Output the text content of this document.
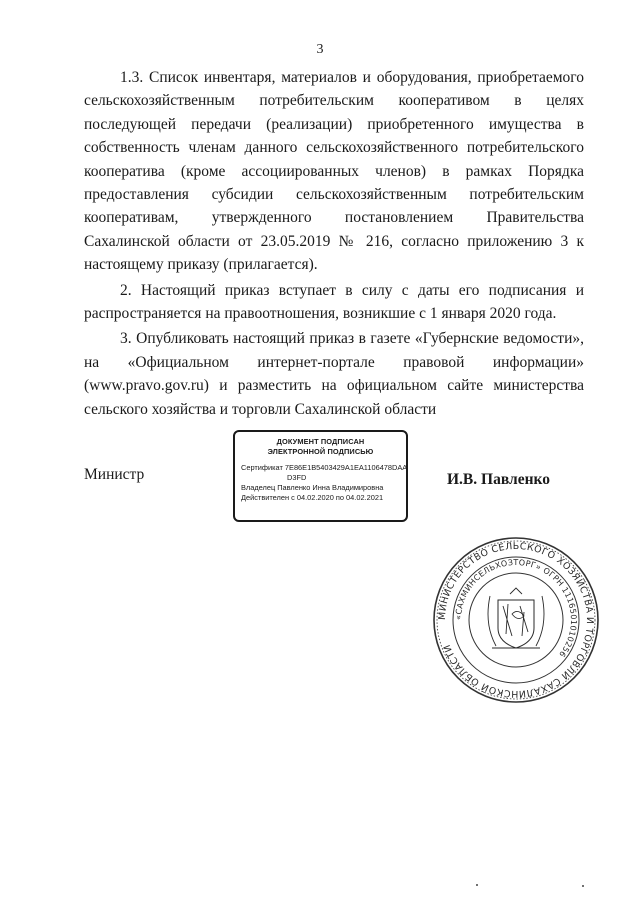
3

1.3. Список инвентаря, материалов и оборудования, приобретаемого сельскохозяйственным потребительским кооперативом в целях последующей передачи (реализации) приобретенного имущества в собственность членам данного сельскохозяйственного потребительского кооператива (кроме ассоциированных членов) в рамках Порядка предоставления субсидии сельскохозяйственным потребительским кооперативам, утвержденного постановлением Правительства Сахалинской области от 23.05.2019 № 216, согласно приложению 3 к настоящему приказу (прилагается).

2. Настоящий приказ вступает в силу с даты его подписания и распространяется на правоотношения, возникшие с 1 января 2020 года.

3. Опубликовать настоящий приказ в газете «Губернские ведомости», на «Официальном интернет-портале правовой информации» (www.pravo.gov.ru) и разместить на официальном сайте министерства сельского хозяйства и торговли Сахалинской области

Министр
ДОКУМЕНТ ПОДПИСАН
ЭЛЕКТРОННОЙ ПОДПИСЬЮ
Сертификат 7E86E1B5403429A1EA1106478DAA
D3FD
Владелец Павленко Инна Владимировна
Действителен с 04.02.2020 по 04.02.2021
И.В. Павленко
МИНИСТЕРСТВО СЕЛЬСКОГО ХОЗЯЙСТВА И ТОРГОВЛИ САХАЛИНСКОЙ ОБЛАСТИ
«САХМИНСЕЛЬХОЗТОРГ» ОГРН 1116501010256
